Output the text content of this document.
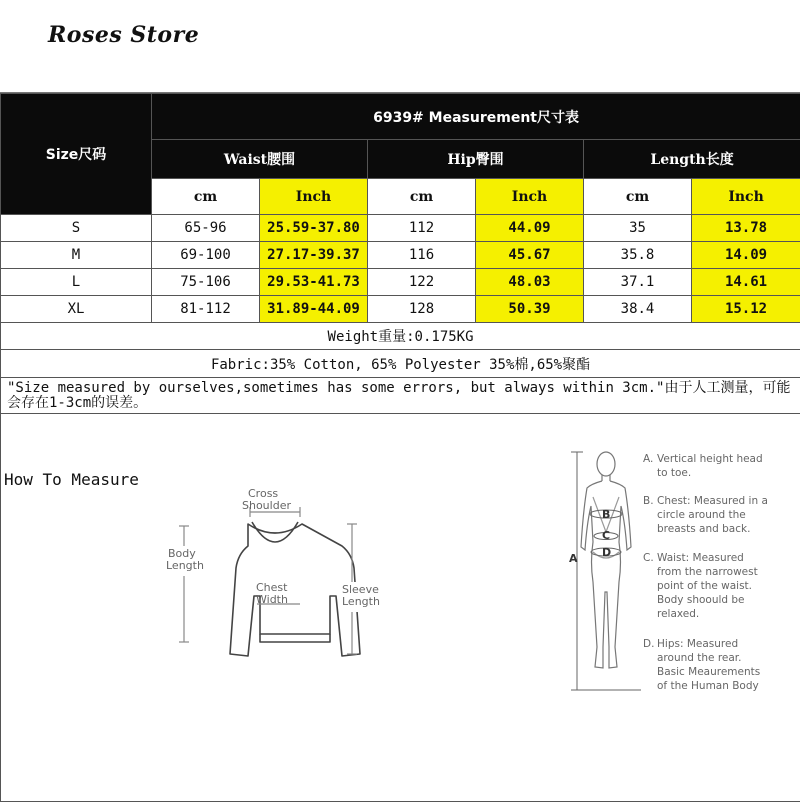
Roses Store
Size尺码	6939# Measurement尺寸表					
	Waist腰围		Hip臀围		Length长度	
	cm	Inch	cm	Inch	cm	Inch
S	65-96	25.59-37.80	112	44.09	35	13.78
M	69-100	27.17-39.37	116	45.67	35.8	14.09
L	75-106	29.53-41.73	122	48.03	37.1	14.61
XL	81-112	31.89-44.09	128	50.39	38.4	15.12
Weight重量:0.175KG						
Fabric:35% Cotton, 65% Polyester 35%棉,65%聚酯						
"Size measured by ourselves,sometimes has some errors, but always within 3cm."由于人工测量，可能会存在1-3cm的误差。						

How To Measure
Cross
Shoulder
Body
Length
Chest
Width
Sleeve
Length
A
B
C
D
A. Vertical height head to toe.
B. Chest: Measured in a circle around the breasts and back.
C. Waist: Measured from the narrowest point of the waist. Body shoould be relaxed.
D. Hips: Measured around the rear. Basic Meaurements of the Human Body
